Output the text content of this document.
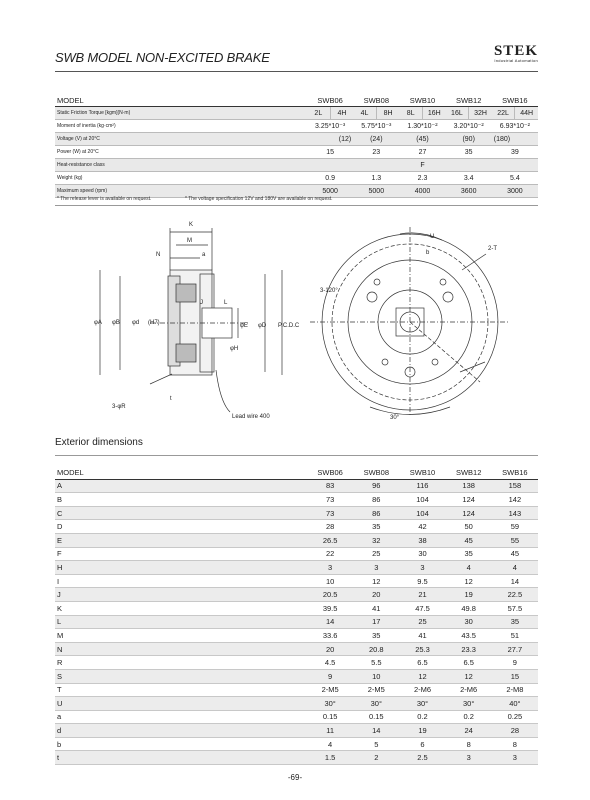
SWB MODEL NON-EXCITED BRAKE	STEK
Industrial Automation
MODEL	SWB06		SWB08		SWB10		SWB12		SWB16	
Static Friction Torque [kgm](N·m)	2L	4H	4L	8H	8L	16H	16L	32H	22L	44H
Moment of inertia (kg·cm²)	3.25*10⁻³		5.75*10⁻³		1.30*10⁻²		3.20*10⁻²		6.93*10⁻²	
Voltage (V) at 20°C	(12)		(24)		(45)		(90)		(180)	
Power (W) at 20°C	15		23		27		35		39	
Heat-resistance class	F									
Weight (kg)	0.9		1.3		2.3		3.4		5.4	
Maximum speed (rpm)	5000		5000		4000		3600		3000	
* The release lever is available on request.	* The voltage specification 12V and 180V are available on request.
K
M
N	a
φA φB φd (H7)
J	L
φE φD P.C.D.C
φH
3-φR
t
Lead wire 400
U
b
2-T
3-120°
30°
Exterior dimensions
MODEL	SWB06	SWB08	SWB10	SWB12	SWB16
A	83	96	116	138	158
B	73	86	104	124	142
C	73	86	104	124	143
D	28	35	42	50	59
E	26.5	32	38	45	55
F	22	25	30	35	45
H	3	3	3	4	4
I	10	12	9.5	12	14
J	20.5	20	21	19	22.5
K	39.5	41	47.5	49.8	57.5
L	14	17	25	30	35
M	33.6	35	41	43.5	51
N	20	20.8	25.3	23.3	27.7
R	4.5	5.5	6.5	6.5	9
S	9	10	12	12	15
T	2-M5	2-M5	2-M6	2-M6	2-M8
U	30°	30°	30°	30°	40°
a	0.15	0.15	0.2	0.2	0.25
d	11	14	19	24	28
b	4	5	6	8	8
t	1.5	2	2.5	3	3
-69-
